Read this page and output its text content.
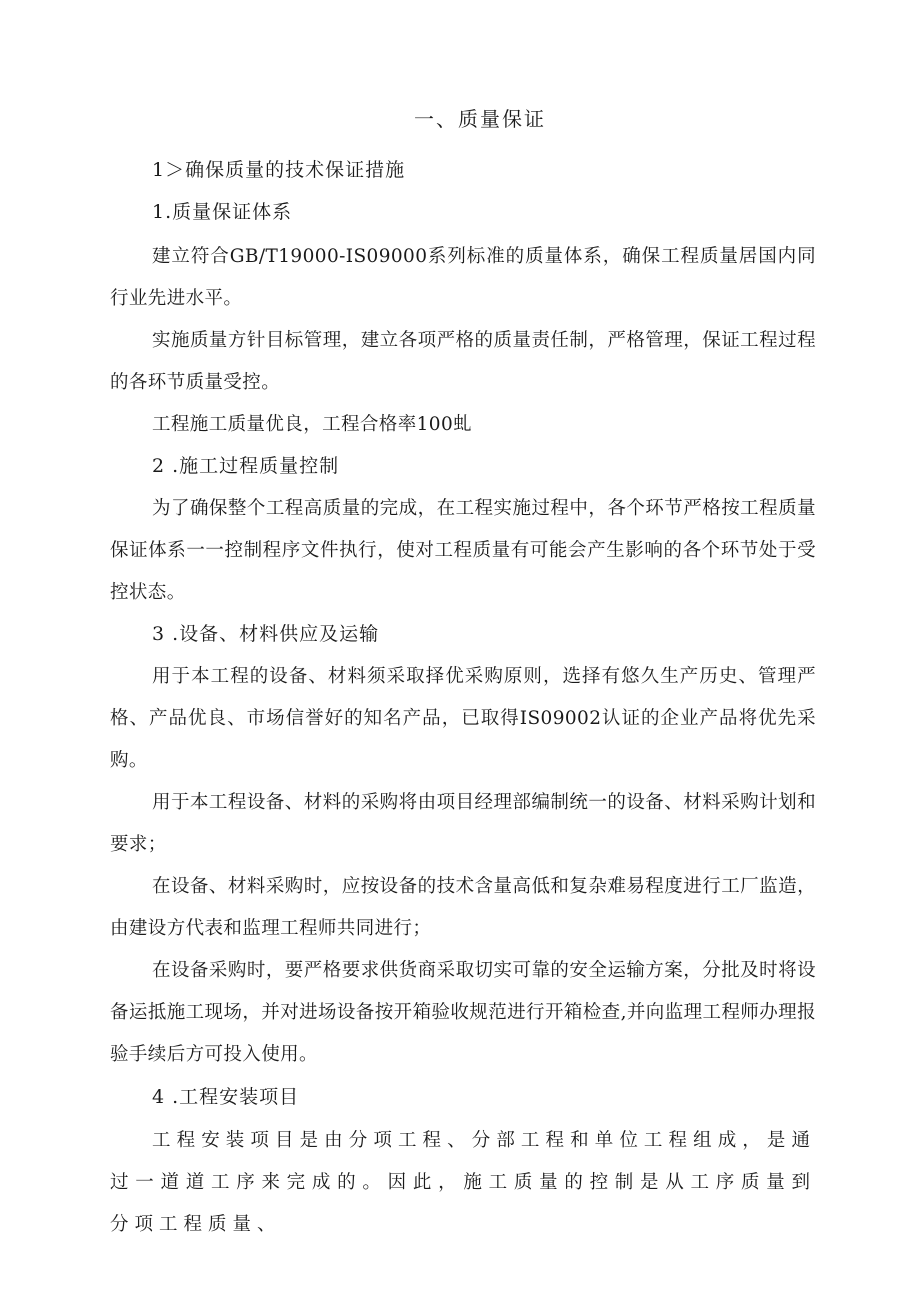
一、质量保证
1＞确保质量的技术保证措施
1.质量保证体系

建立符合GB/T19000-IS09000系列标准的质量体系，确保工程质量居国内同行业先进水平。

实施质量方针目标管理，建立各项严格的质量责任制，严格管理，保证工程过程的各环节质量受控。

工程施工质量优良，工程合格率100虬

2 .施工过程质量控制

为了确保整个工程高质量的完成，在工程实施过程中，各个环节严格按工程质量保证体系一一控制程序文件执行，使对工程质量有可能会产生影响的各个环节处于受控状态。

3 .设备、材料供应及运输

用于本工程的设备、材料须采取择优采购原则，选择有悠久生产历史、管理严格、产品优良、市场信誉好的知名产品，已取得IS09002认证的企业产品将优先采购。

用于本工程设备、材料的采购将由项目经理部编制统一的设备、材料采购计划和要求；

在设备、材料采购时，应按设备的技术含量高低和复杂难易程度进行工厂监造，由建设方代表和监理工程师共同进行；

在设备采购时，要严格要求供货商采取切实可靠的安全运输方案，分批及时将设备运抵施工现场，并对进场设备按开箱验收规范进行开箱检查,并向监理工程师办理报验手续后方可投入使用。

4 .工程安装项目

工程安装项目是由分项工程、分部工程和单位工程组成，是通过一道道工序来完成的。因此，施工质量的控制是从工序质量到分项工程质量、
